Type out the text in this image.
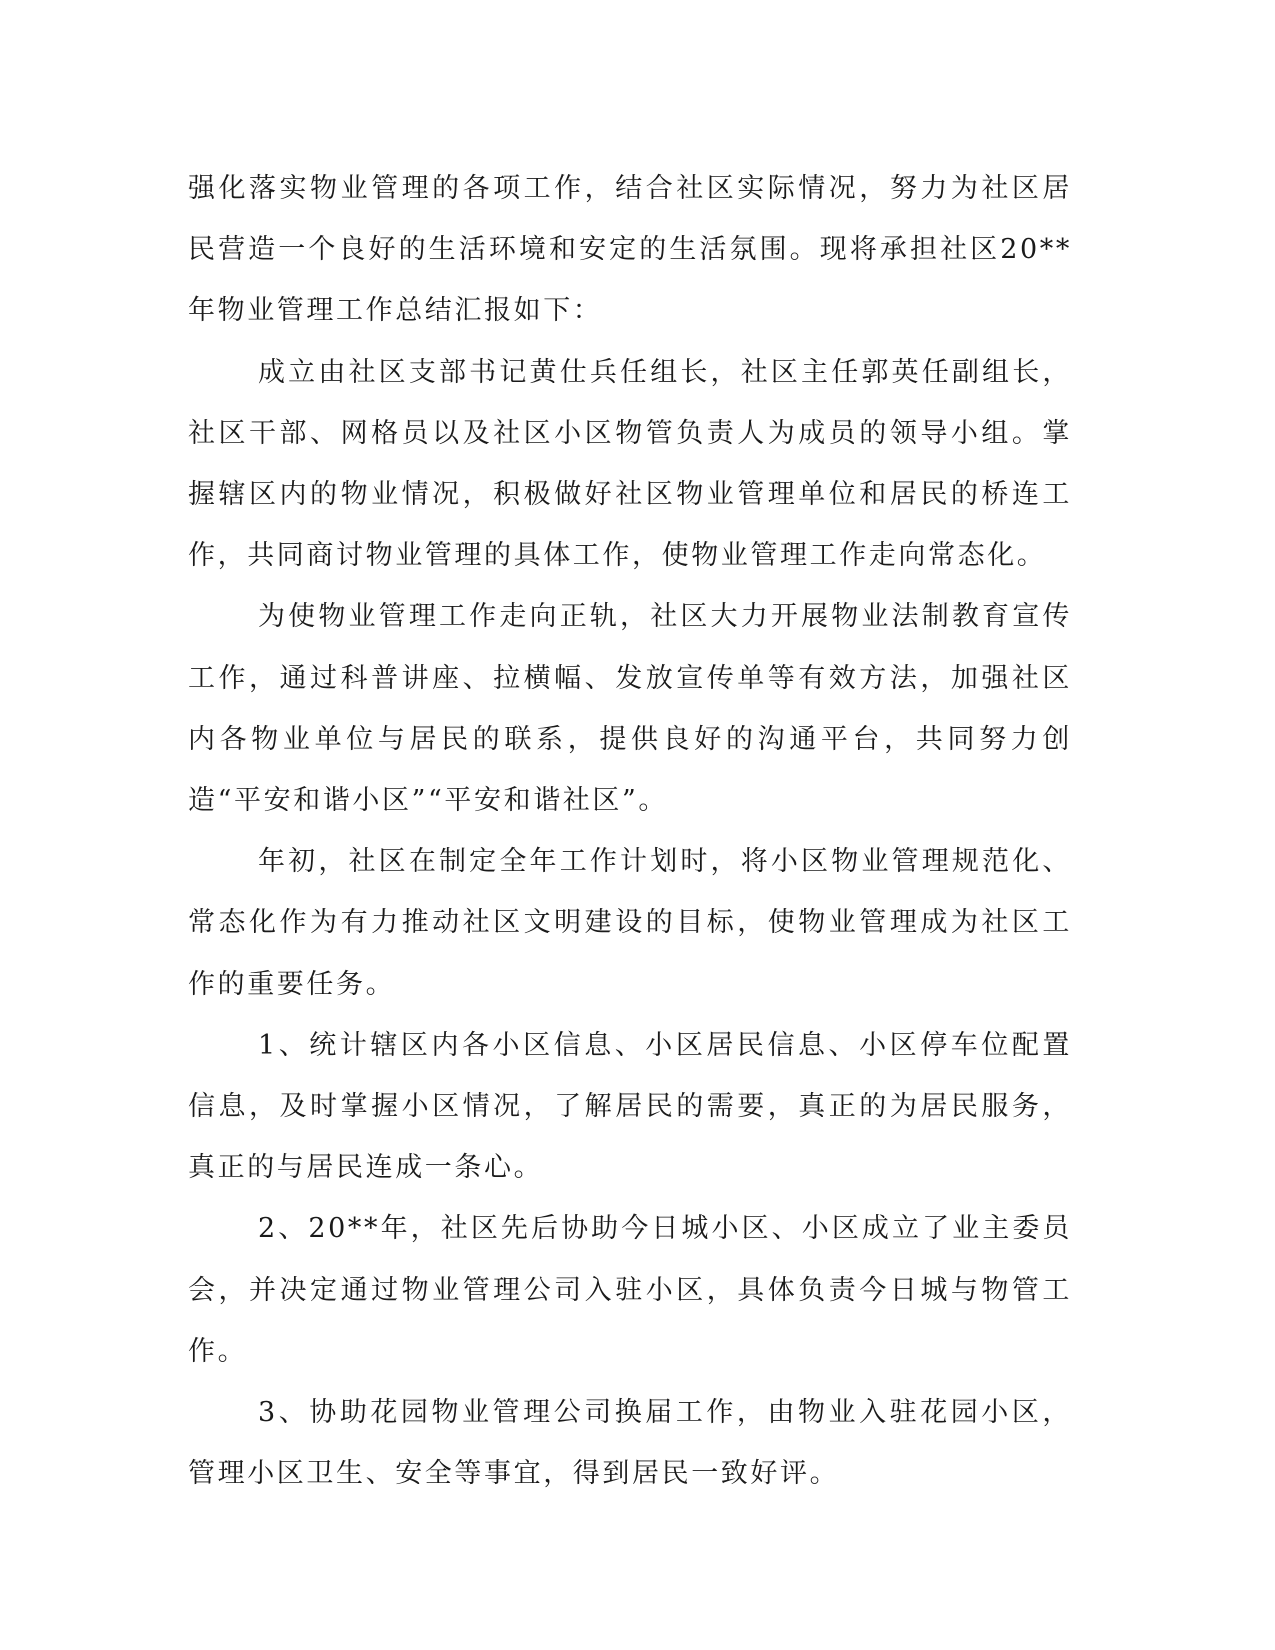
强化落实物业管理的各项工作，结合社区实际情况，努力为社区居民营造一个良好的生活环境和安定的生活氛围。现将承担社区20**年物业管理工作总结汇报如下：

成立由社区支部书记黄仕兵任组长，社区主任郭英任副组长，社区干部、网格员以及社区小区物管负责人为成员的领导小组。掌握辖区内的物业情况，积极做好社区物业管理单位和居民的桥连工作，共同商讨物业管理的具体工作，使物业管理工作走向常态化。

为使物业管理工作走向正轨，社区大力开展物业法制教育宣传工作，通过科普讲座、拉横幅、发放宣传单等有效方法，加强社区内各物业单位与居民的联系，提供良好的沟通平台，共同努力创造“平安和谐小区”“平安和谐社区”。

年初，社区在制定全年工作计划时，将小区物业管理规范化、常态化作为有力推动社区文明建设的目标，使物业管理成为社区工作的重要任务。

1、统计辖区内各小区信息、小区居民信息、小区停车位配置信息，及时掌握小区情况，了解居民的需要，真正的为居民服务，真正的与居民连成一条心。

2、20**年，社区先后协助今日城小区、小区成立了业主委员会，并决定通过物业管理公司入驻小区，具体负责今日城与物管工作。

3、协助花园物业管理公司换届工作，由物业入驻花园小区，管理小区卫生、安全等事宜，得到居民一致好评。
